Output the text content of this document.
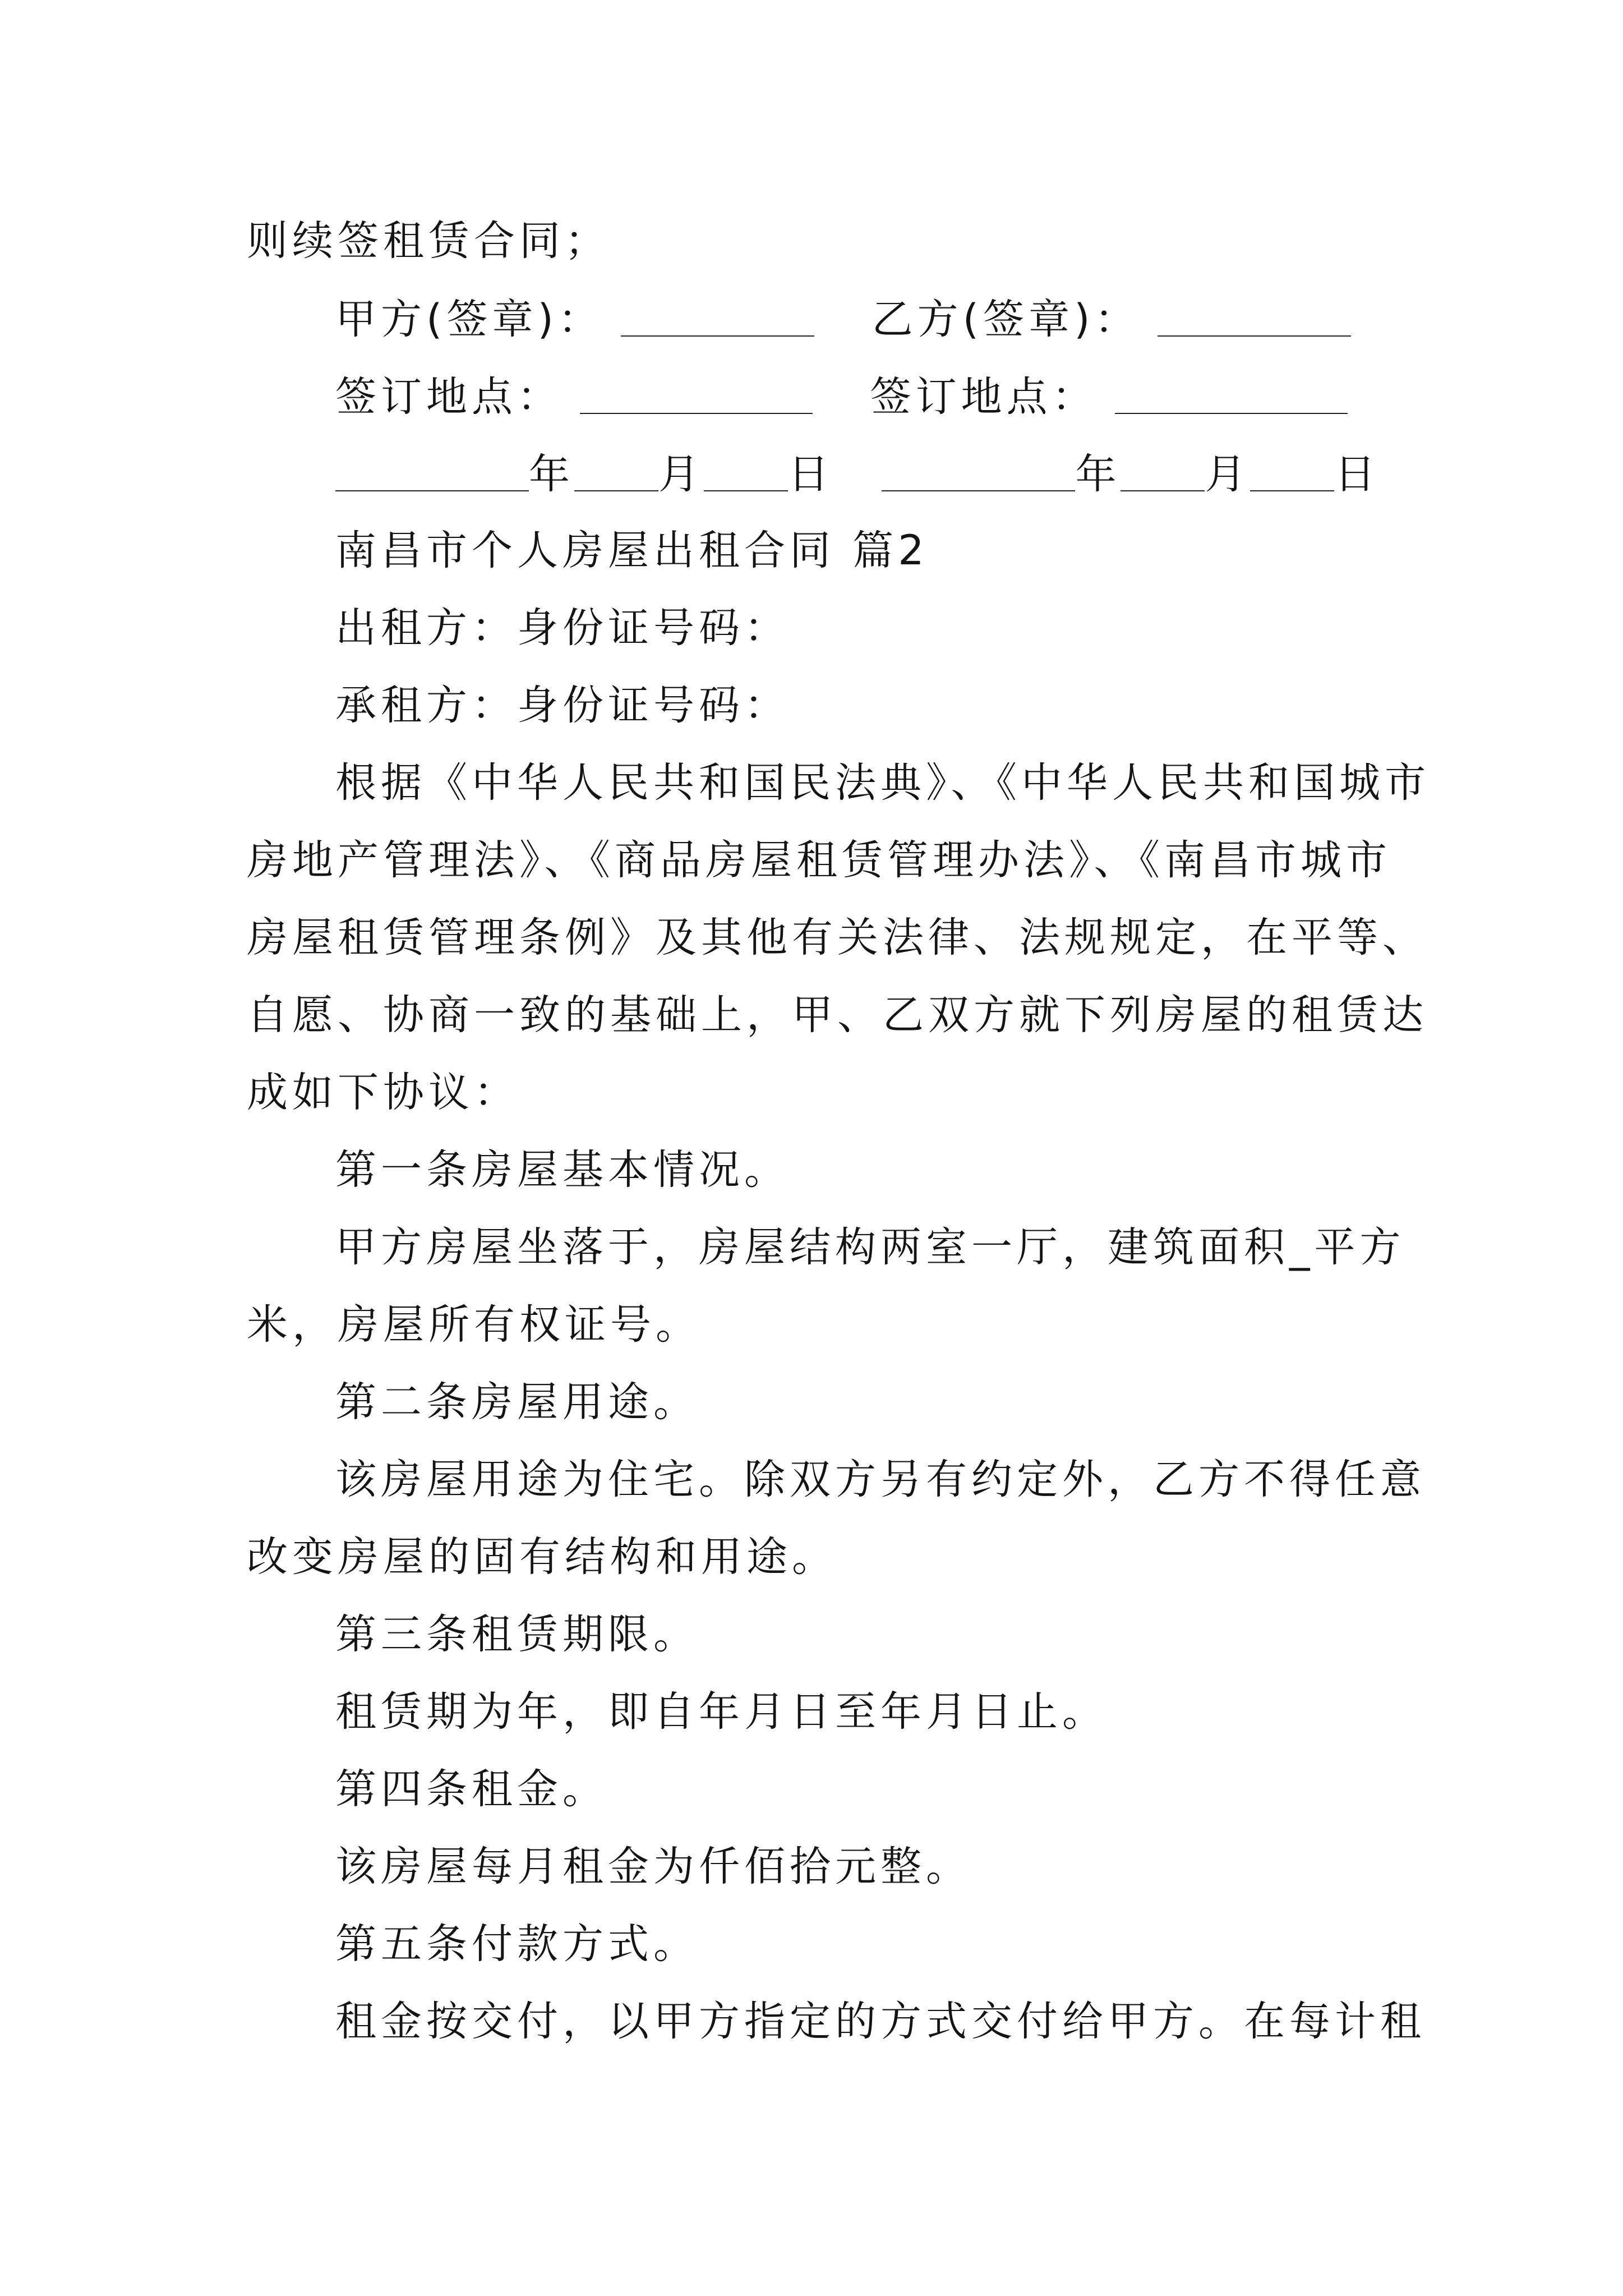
则续签租赁合同；
甲方(签章)：	乙方(签章)：
签订地点：	签订地点：
年 月 日	年 月 日
南昌市个人房屋出租合同 篇2
出租方：身份证号码：
承租方：身份证号码：
根据《中华人民共和国民法典》、《中华人民共和国城市
房地产管理法》、《商品房屋租赁管理办法》、《南昌市城市
房屋租赁管理条例》及其他有关法律、法规规定，在平等、
自愿、协商一致的基础上，甲、乙双方就下列房屋的租赁达
成如下协议：
第一条房屋基本情况。
甲方房屋坐落于，房屋结构两室一厅，建筑面积_平方
米，房屋所有权证号。
第二条房屋用途。
该房屋用途为住宅。除双方另有约定外，乙方不得任意
改变房屋的固有结构和用途。
第三条租赁期限。
租赁期为年，即自年月日至年月日止。
第四条租金。
该房屋每月租金为仟佰拾元整。
第五条付款方式。
租金按交付，以甲方指定的方式交付给甲方。在每计租
